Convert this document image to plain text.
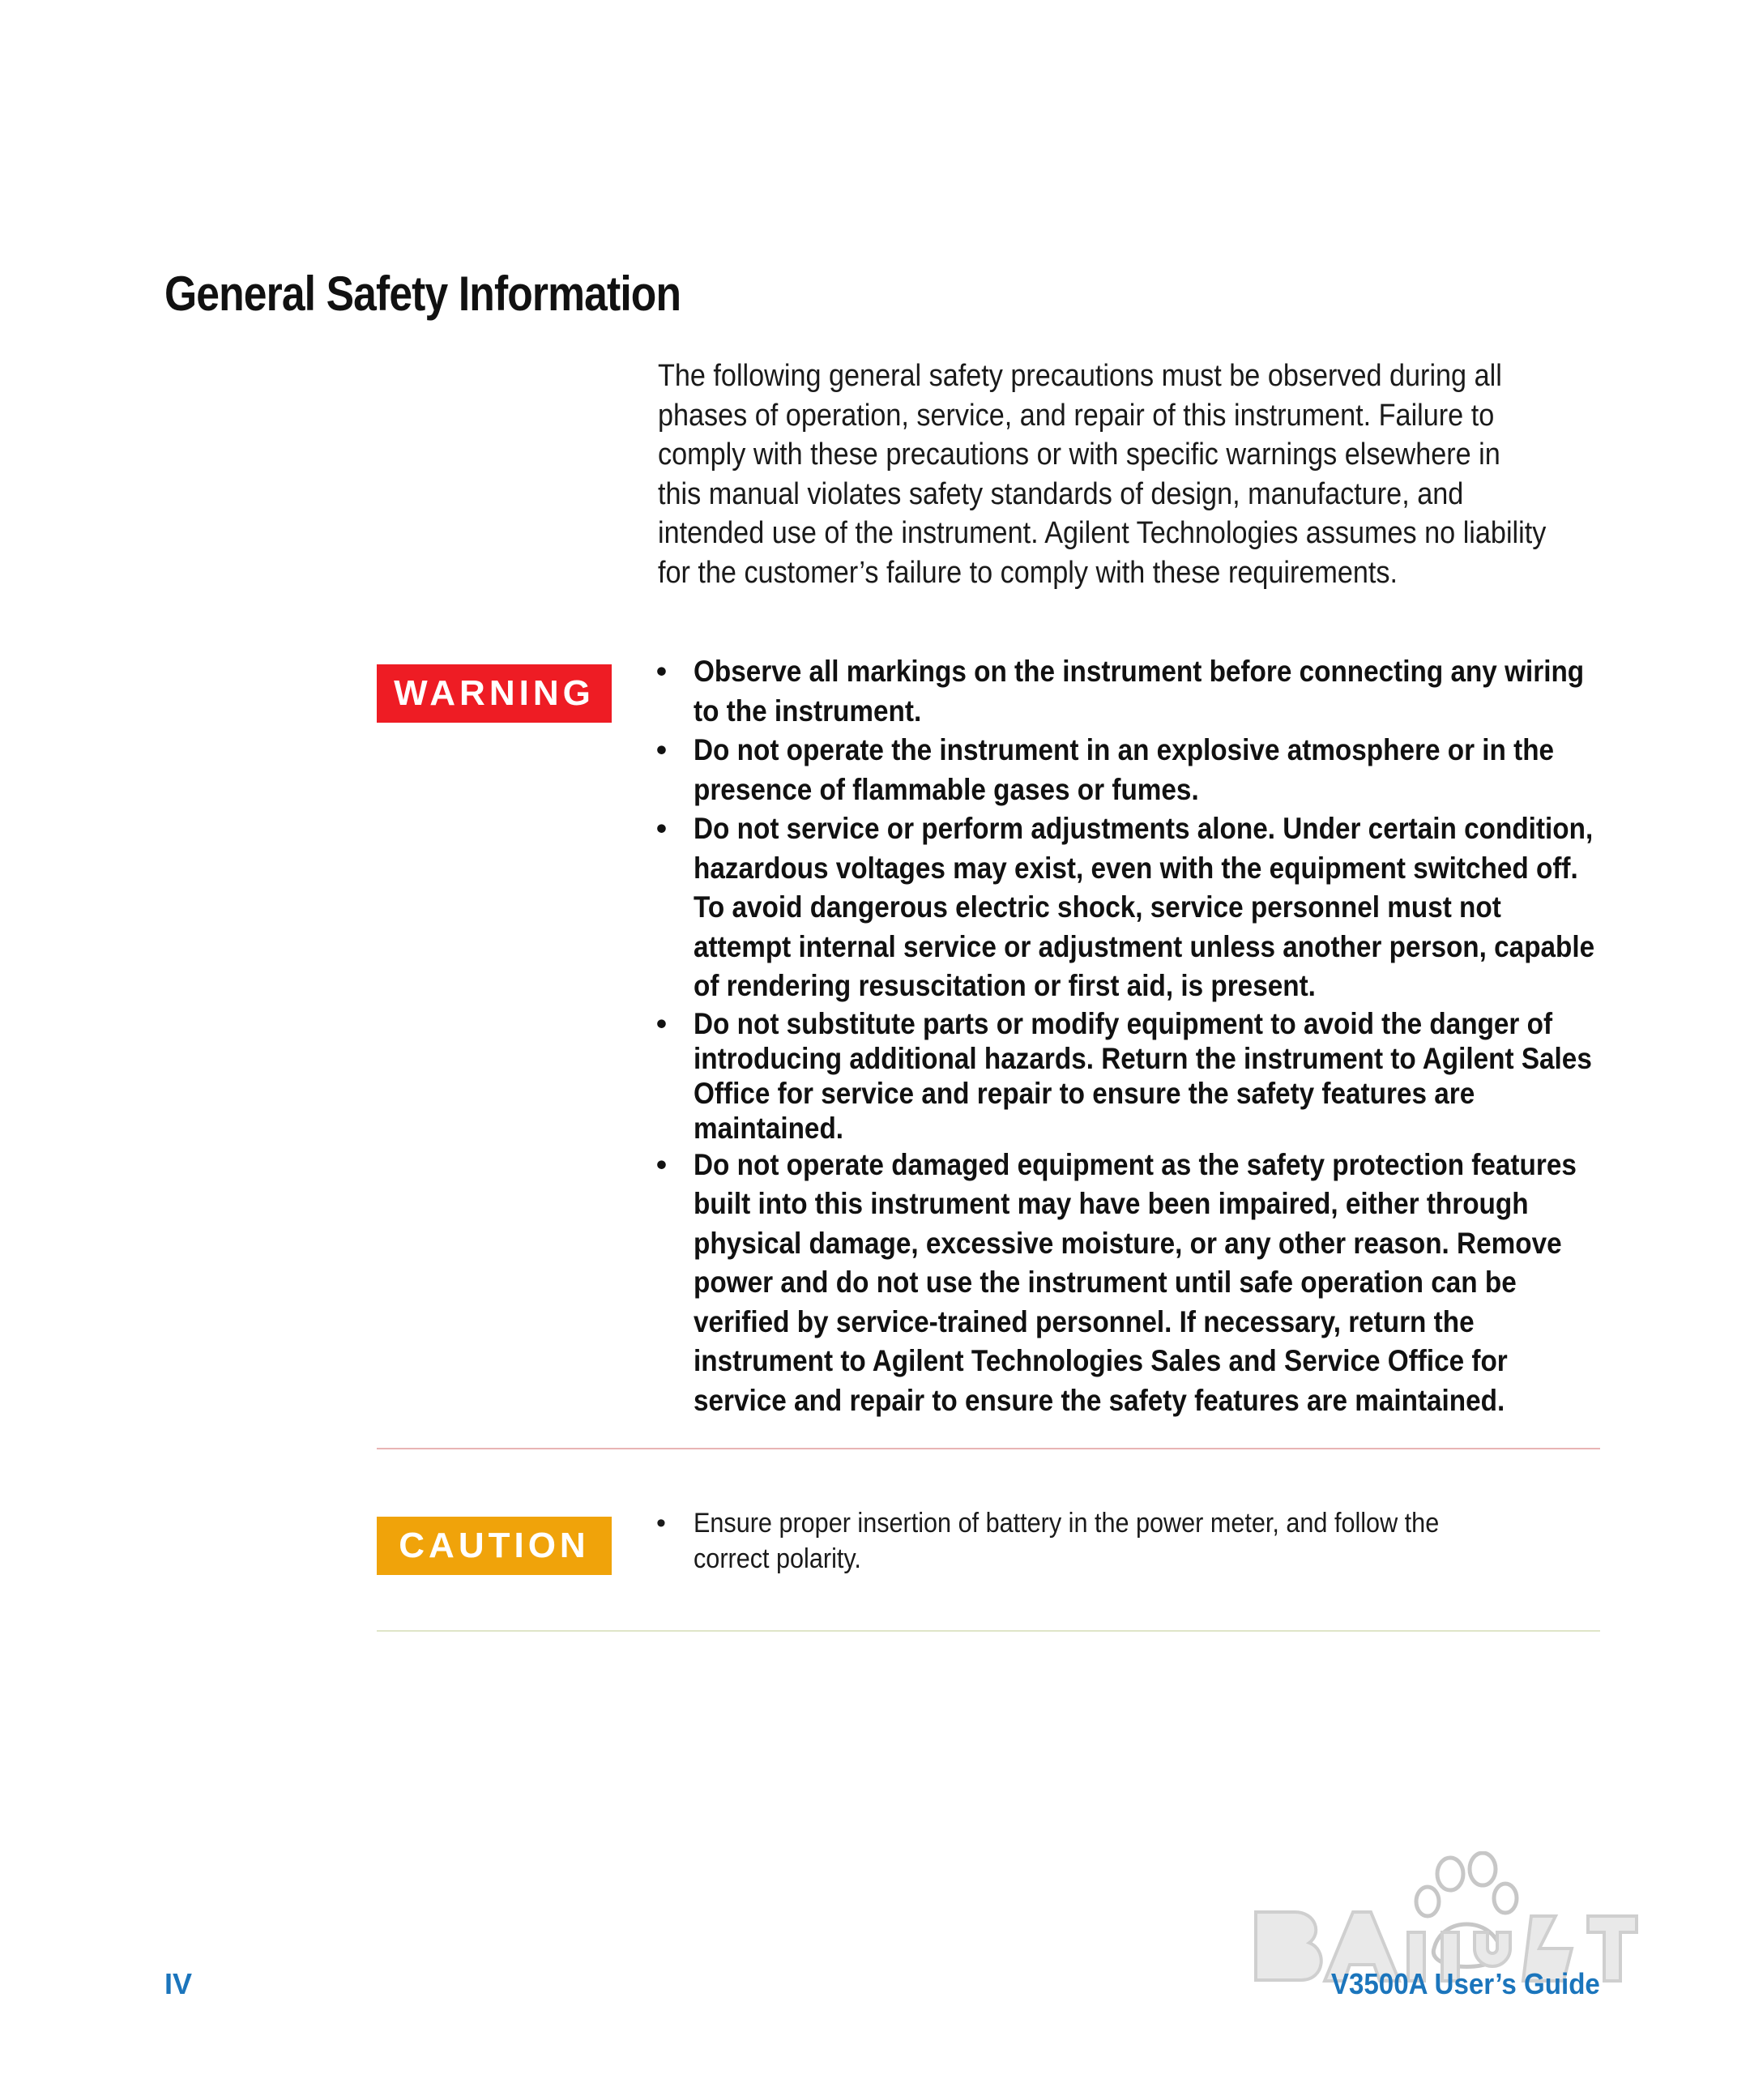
General Safety Information

The following general safety precautions must be observed during all phases of operation, service, and repair of this instrument. Failure to comply with these precautions or with specific warnings elsewhere in this manual violates safety standards of design, manufacture, and intended use of the instrument. Agilent Technologies assumes no liability for the customer’s failure to comply with these requirements.

WARNING
• Observe all markings on the instrument before connecting any wiring to the instrument.
• Do not operate the instrument in an explosive atmosphere or in the presence of flammable gases or fumes.
• Do not service or perform adjustments alone. Under certain condition, hazardous voltages may exist, even with the equipment switched off. To avoid dangerous electric shock, service personnel must not attempt internal service or adjustment unless another person, capable of rendering resuscitation or first aid, is present.
• Do not substitute parts or modify equipment to avoid the danger of introducing additional hazards. Return the instrument to Agilent Sales Office for service and repair to ensure the safety features are maintained.
• Do not operate damaged equipment as the safety protection features built into this instrument may have been impaired, either through physical damage, excessive moisture, or any other reason. Remove power and do not use the instrument until safe operation can be verified by service-trained personnel. If necessary, return the instrument to Agilent Technologies Sales and Service Office for service and repair to ensure the safety features are maintained.
CAUTION
•	Ensure proper insertion of battery in the power meter, and follow the correct polarity.

IV	V3500A User’s Guide
